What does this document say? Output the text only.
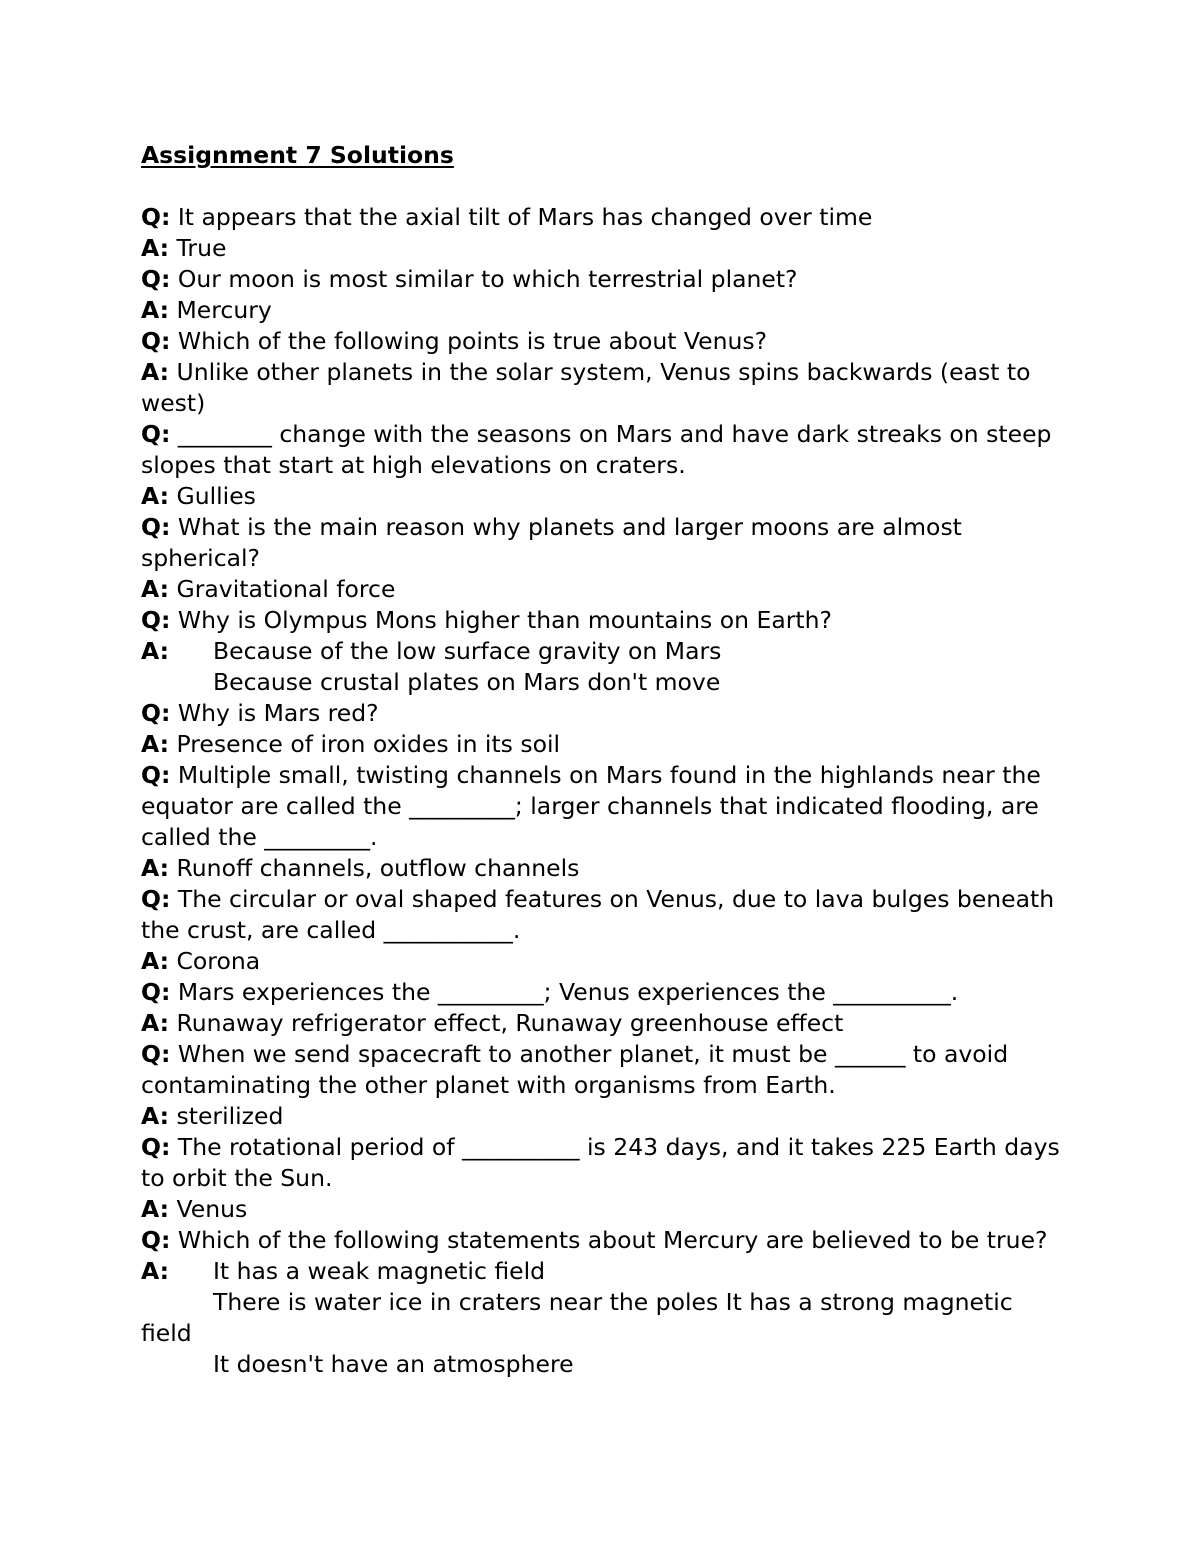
Assignment 7 Solutions

Q: It appears that the axial tilt of Mars has changed over time

A: True

Q: Our moon is most similar to which terrestrial planet?

A: Mercury

Q: Which of the following points is true about Venus?

A: Unlike other planets in the solar system, Venus spins backwards (east to west)

Q: ________ change with the seasons on Mars and have dark streaks on steep slopes that start at high elevations on craters.

A: Gullies

Q: What is the main reason why planets and larger moons are almost spherical?

A: Gravitational force

Q: Why is Olympus Mons higher than mountains on Earth?

A: Because of the low surface gravity on Mars

Because crustal plates on Mars don't move

Q: Why is Mars red?

A: Presence of iron oxides in its soil

Q: Multiple small, twisting channels on Mars found in the highlands near the equator are called the _________; larger channels that indicated flooding, are called the _________.

A: Runoff channels, outflow channels

Q: The circular or oval shaped features on Venus, due to lava bulges beneath the crust, are called ___________.

A: Corona

Q: Mars experiences the _________; Venus experiences the __________.

A: Runaway refrigerator effect, Runaway greenhouse effect

Q: When we send spacecraft to another planet, it must be ______ to avoid contaminating the other planet with organisms from Earth.

A: sterilized

Q: The rotational period of __________ is 243 days, and it takes 225 Earth days to orbit the Sun.

A: Venus

Q: Which of the following statements about Mercury are believed to be true?

A: It has a weak magnetic field

There is water ice in craters near the poles It has a strong magnetic field

It doesn't have an atmosphere
